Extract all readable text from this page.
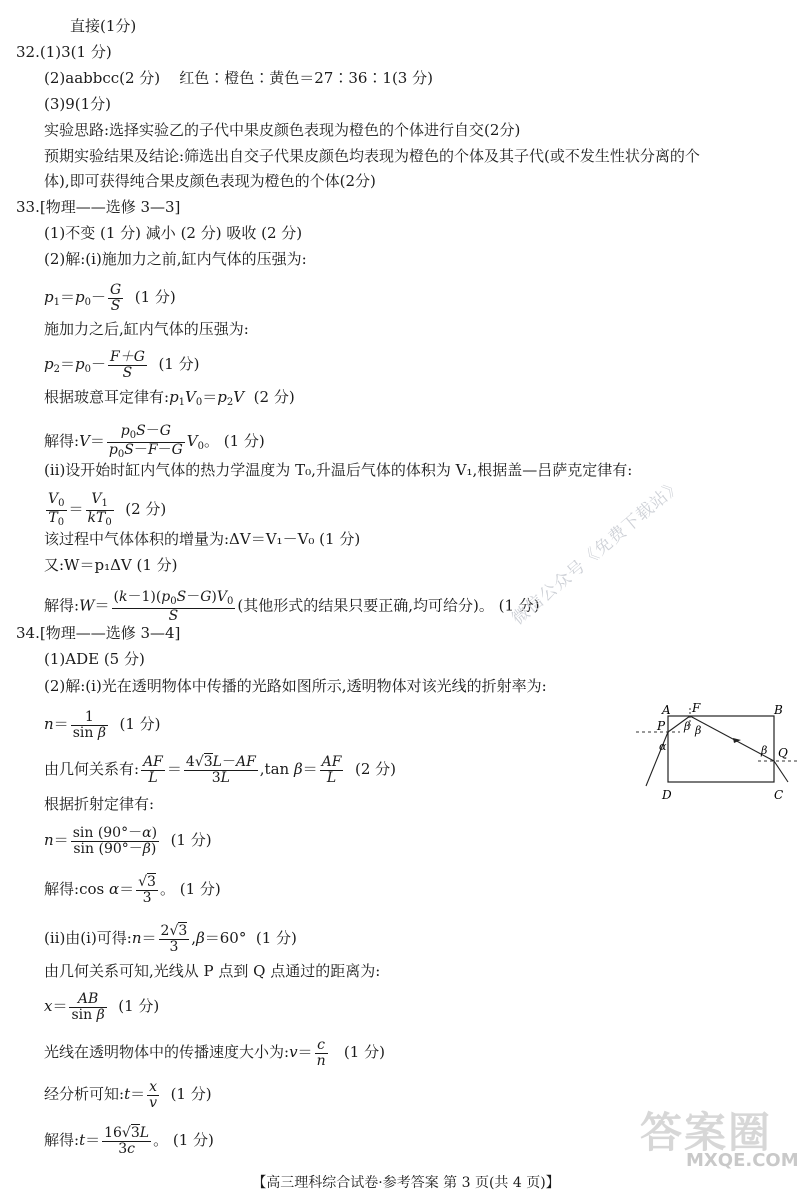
直接(1分)
32.(1)3(1 分)
(2)aabbcc(2 分) 红色∶橙色∶黄色＝27∶36∶1(3 分)
(3)9(1分)
实验思路:选择实验乙的子代中果皮颜色表现为橙色的个体进行自交(2分)
预期实验结果及结论:筛选出自交子代果皮颜色均表现为橙色的个体及其子代(或不发生性状分离的个
体),即可获得纯合果皮颜色表现为橙色的个体(2分)
33.[物理——选修 3—3]
(1)不变 (1 分) 减小 (2 分) 吸收 (2 分)
(2)解:(ⅰ)施加力之前,缸内气体的压强为:
$p_1=p_0- \frac{G}{S} (1$ 分)
施加力之后,缸内气体的压强为:
$p_2=p_0- \frac{F+G}{S} (1$ 分)
根据玻意耳定律有$:p_1V_0=p_2V$ (2 分)
解得:V＝ $\frac{p_0S-G}{p_0S-F-G} V_0$。 (1 分)
(ⅱ)设开始时缸内气体的热力学温度为 T₀,升温后气体的体积为 V₁,根据盖—吕萨克定律有:
$\frac{V_0}{T_0} = \frac{V_1}{kT_0} (2$ 分)
该过程中气体体积的增量为:ΔV＝V₁－V₀ (1 分)
又:W＝p₁ΔV (1 分)
解得:W＝ $\frac{(k-1)(p_0S-G)V_0}{S}$ (其他形式的结果只要正确,均可给分)。 (1 分)
34.[物理——选修 3—4]
(1)ADE (5 分)
(2)解:(ⅰ)光在透明物体中传播的光路如图所示,透明物体对该光线的折射率为:
$n= \frac{1}{\text{sin β}} (1$ 分)
由几何关系有: $\frac{AF}{L} = \frac{4√3L-AF}{3L} ,\tan$ $\beta= \frac{AF}{L} (2$ 分)
根据折射定律有:
$n= \frac{\sin (90^\circ-\alpha)}{\sin (90^\circ-\beta)} (1$ 分)
解得:cos $\alpha= \frac{√3}{3}$ 。 (1 分)
(ⅱ)由(ⅰ)可得:n＝ $\frac{2√3}{3} ,\beta=60^\circ$  (1 分)
由几何关系可知,光线从 P 点到 Q 点通过的距离为:
$x= \frac{AB}{\text{sin β}} (1$ 分)
光线在透明物体中的传播速度大小为:v＝ $\frac{c}{n} (1$ 分)
经分析可知:t＝ $\frac{x}{v} (1$ 分)
解得:t＝ $\frac{16√3L}{3c}$ 。 (1 分)
A	B
C
D
F
P
Q
α
β β
β
微信公众号《免费下载站》
答案圈
MXQE.COM
【高三理科综合试卷·参考答案 第 3 页(共 4 页)】
